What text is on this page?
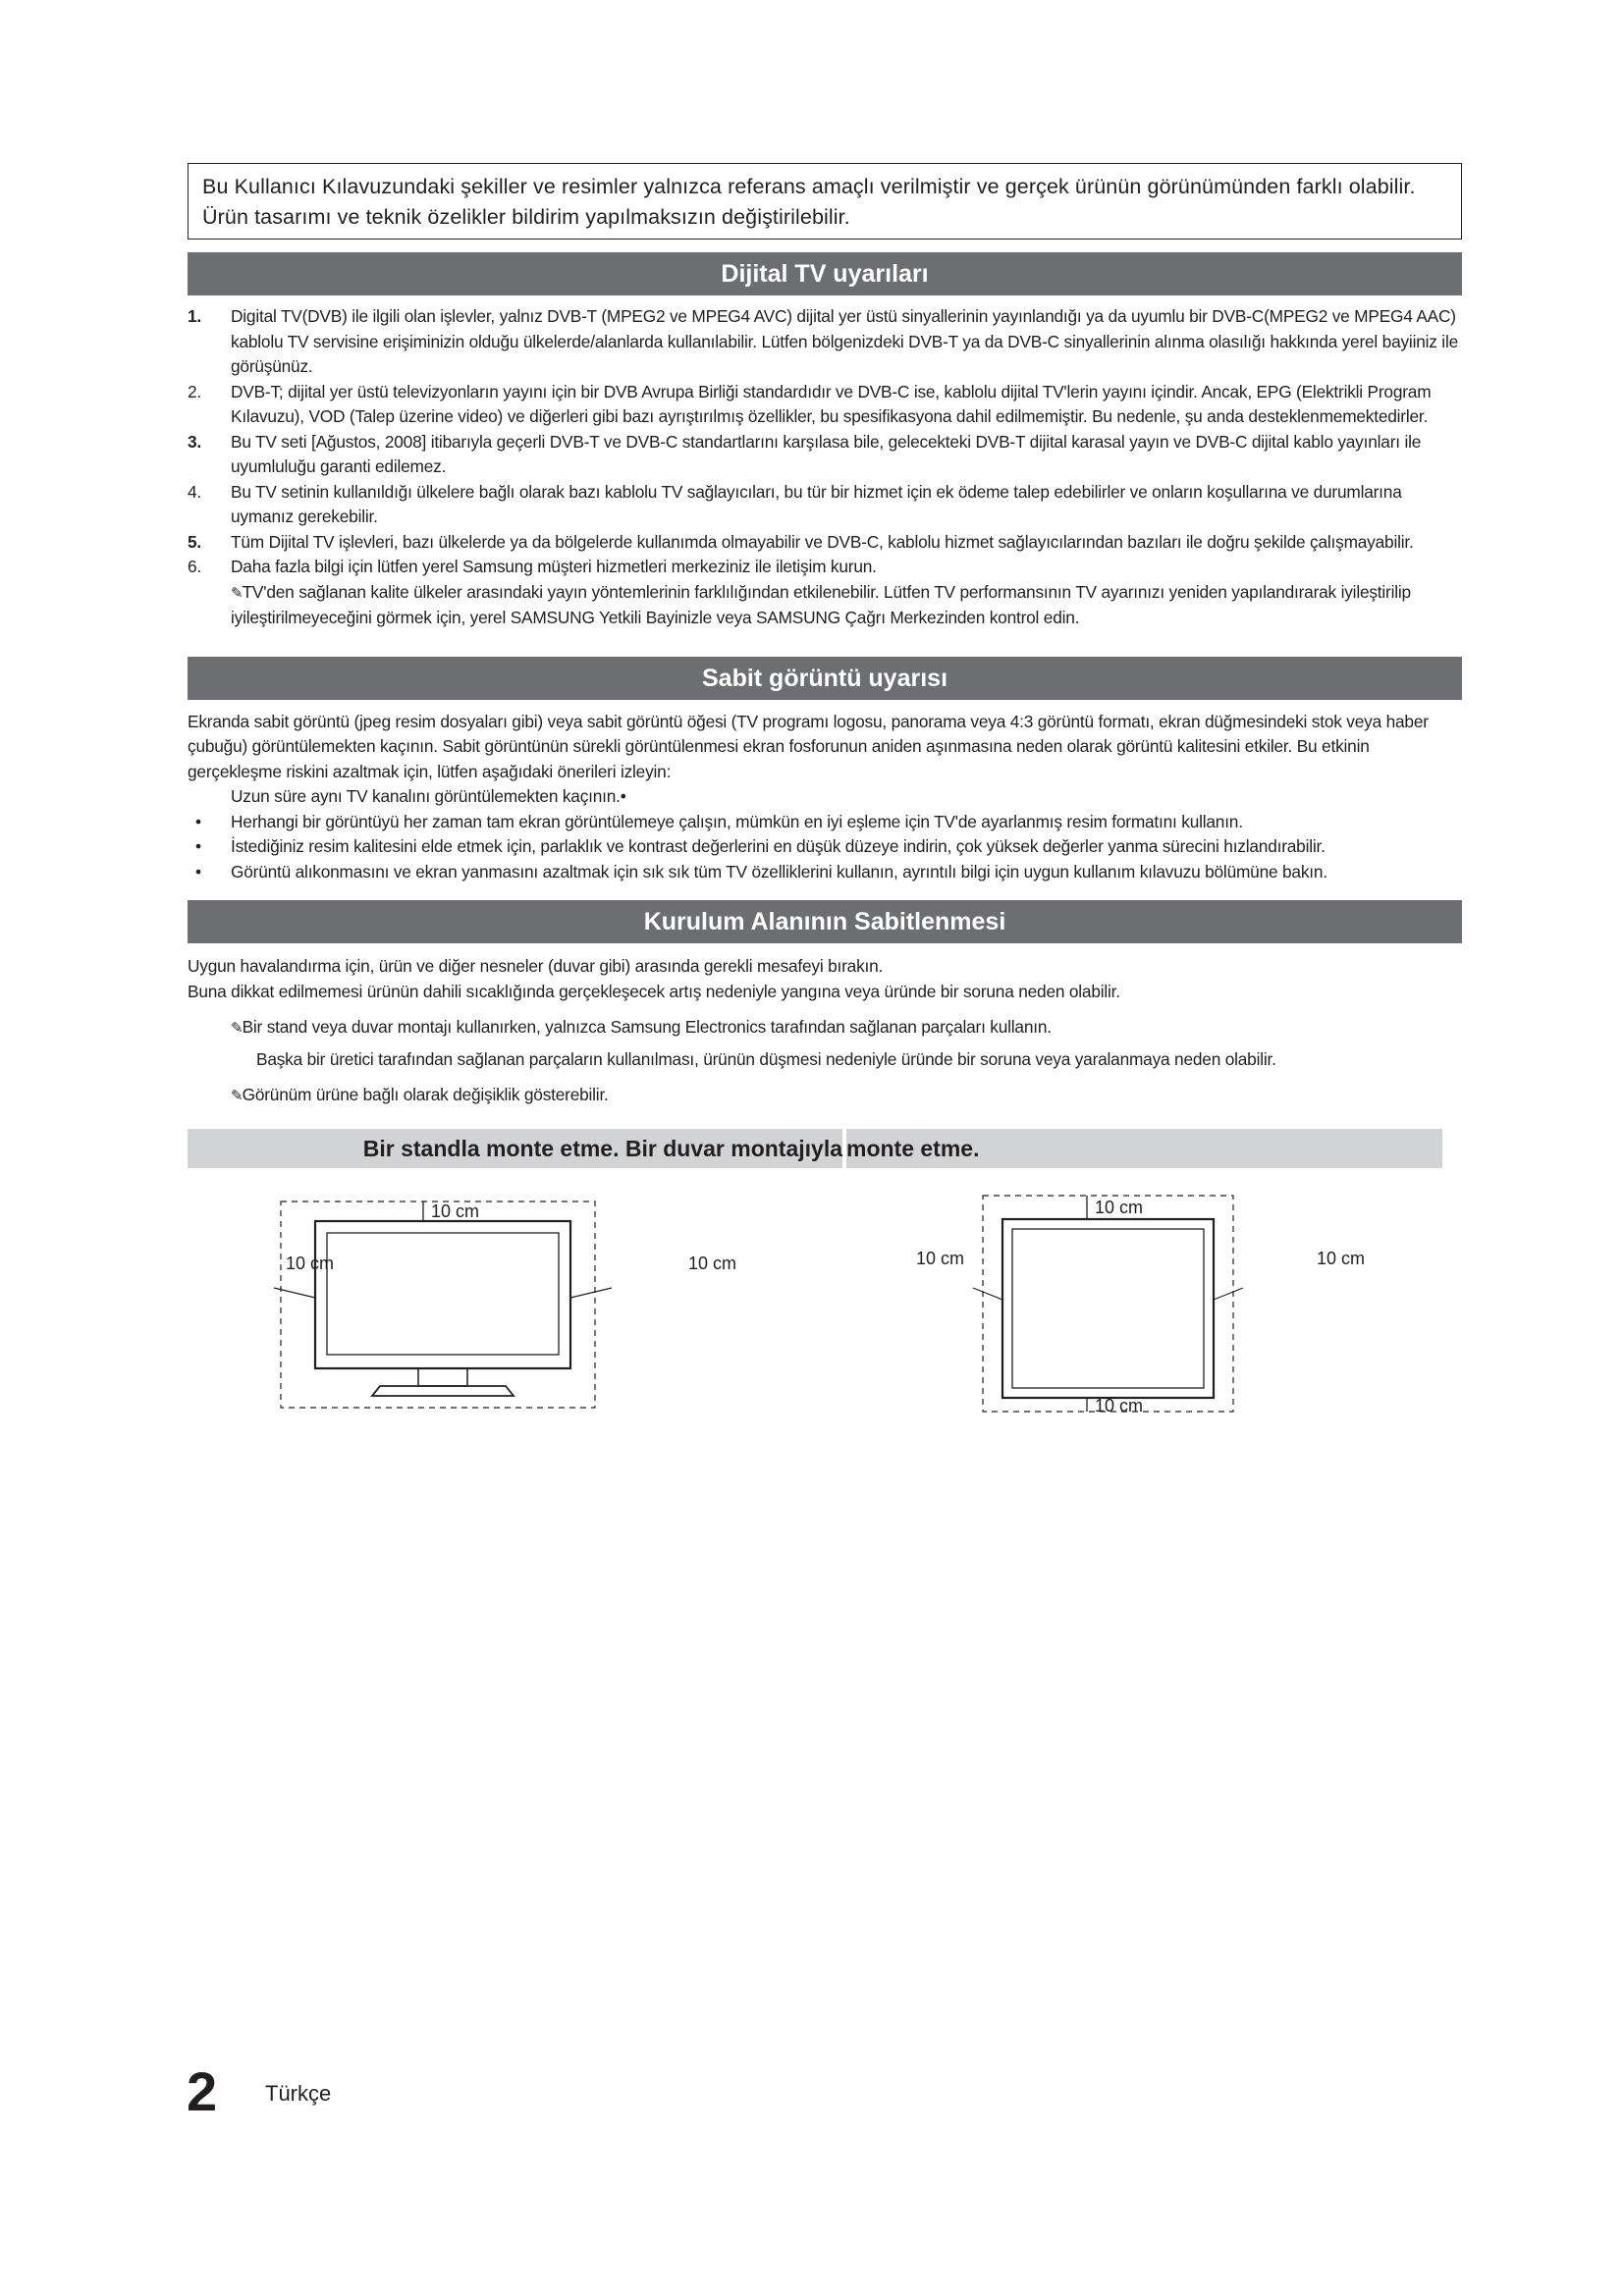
Bu Kullanıcı Kılavuzundaki şekiller ve resimler yalnızca referans amaçlı verilmiştir ve gerçek ürünün görünümünden farklı olabilir. Ürün tasarımı ve teknik özelikler bildirim yapılmaksızın değiştirilebilir.
Dijital TV uyarıları
1. Digital TV(DVB) ile ilgili olan işlevler, yalnız DVB-T (MPEG2 ve MPEG4 AVC) dijital yer üstü sinyallerinin yayınlandığı ya da uyumlu bir DVB-C(MPEG2 ve MPEG4 AAC) kablolu TV servisine erişiminizin olduğu ülkelerde/alanlarda kullanılabilir. Lütfen bölgenizdeki DVB-T ya da DVB-C sinyallerinin alınma olasılığı hakkında yerel bayiiniz ile görüşünüz.
2. DVB-T; dijital yer üstü televizyonların yayını için bir DVB Avrupa Birliği standardıdır ve DVB-C ise, kablolu dijital TV'lerin yayını içindir. Ancak, EPG (Elektrikli Program Kılavuzu), VOD (Talep üzerine video) ve diğerleri gibi bazı ayrıştırılmış özellikler, bu spesifikasyona dahil edilmemiştir. Bu nedenle, şu anda desteklenmemektedirler.
3. Bu TV seti [Ağustos, 2008] itibarıyla geçerli DVB-T ve DVB-C standartlarını karşılasa bile, gelecekteki DVB-T dijital karasal yayın ve DVB-C dijital kablo yayınları ile uyumluluğu garanti edilemez.
4. Bu TV setinin kullanıldığı ülkelere bağlı olarak bazı kablolu TV sağlayıcıları, bu tür bir hizmet için ek ödeme talep edebilirler ve onların koşullarına ve durumlarına uymanız gerekebilir.
5. Tüm Dijital TV işlevleri, bazı ülkelerde ya da bölgelerde kullanımda olmayabilir ve DVB-C, kablolu hizmet sağlayıcılarından bazıları ile doğru şekilde çalışmayabilir.
6. Daha fazla bilgi için lütfen yerel Samsung müşteri hizmetleri merkeziniz ile iletişim kurun.
✎ TV'den sağlanan kalite ülkeler arasındaki yayın yöntemlerinin farklılığından etkilenebilir. Lütfen TV performansının TV ayarınızı yeniden yapılandırarak iyileştirilip iyileştirilmeyeceğini görmek için, yerel SAMSUNG Yetkili Bayinizle veya SAMSUNG Çağrı Merkezinden kontrol edin.
Sabit görüntü uyarısı
Ekranda sabit görüntü (jpeg resim dosyaları gibi) veya sabit görüntü öğesi (TV programı logosu, panorama veya 4:3 görüntü formatı, ekran düğmesindeki stok veya haber çubuğu) görüntülemekten kaçının. Sabit görüntünün sürekli görüntülenmesi ekran fosforunun aniden aşınmasına neden olarak görüntü kalitesini etkiler. Bu etkinin gerçekleşme riskini azaltmak için, lütfen aşağıdaki önerileri izleyin:
Uzun süre aynı TV kanalını görüntülemekten kaçının.•
• Herhangi bir görüntüyü her zaman tam ekran görüntülemeye çalışın, mümkün en iyi eşleme için TV'de ayarlanmış resim formatını kullanın.
• İstediğiniz resim kalitesini elde etmek için, parlaklık ve kontrast değerlerini en düşük düzeye indirin, çok yüksek değerler yanma sürecini hızlandırabilir.
• Görüntü alıkonmasını ve ekran yanmasını azaltmak için sık sık tüm TV özelliklerini kullanın, ayrıntılı bilgi için uygun kullanım kılavuzu bölümüne bakın.
Kurulum Alanının Sabitlenmesi
Uygun havalandırma için, ürün ve diğer nesneler (duvar gibi) arasında gerekli mesafeyi bırakın.
Buna dikkat edilmemesi ürünün dahili sıcaklığında gerçekleşecek artış nedeniyle yangına veya üründe bir soruna neden olabilir.
✎ Bir stand veya duvar montajı kullanırken, yalnızca Samsung Electronics tarafından sağlanan parçaları kullanın.
Başka bir üretici tarafından sağlanan parçaların kullanılması, ürünün düşmesi nedeniyle üründe bir soruna veya yaralanmaya neden olabilir.
✎ Görünüm ürüne bağlı olarak değişiklik gösterebilir.
Bir standla monte etme. Bir duvar montajıyla monte etme.
10 cm
10 cm	10 cm
10 cm
10 cm
10 cm	10 cm
2 Türkçe
